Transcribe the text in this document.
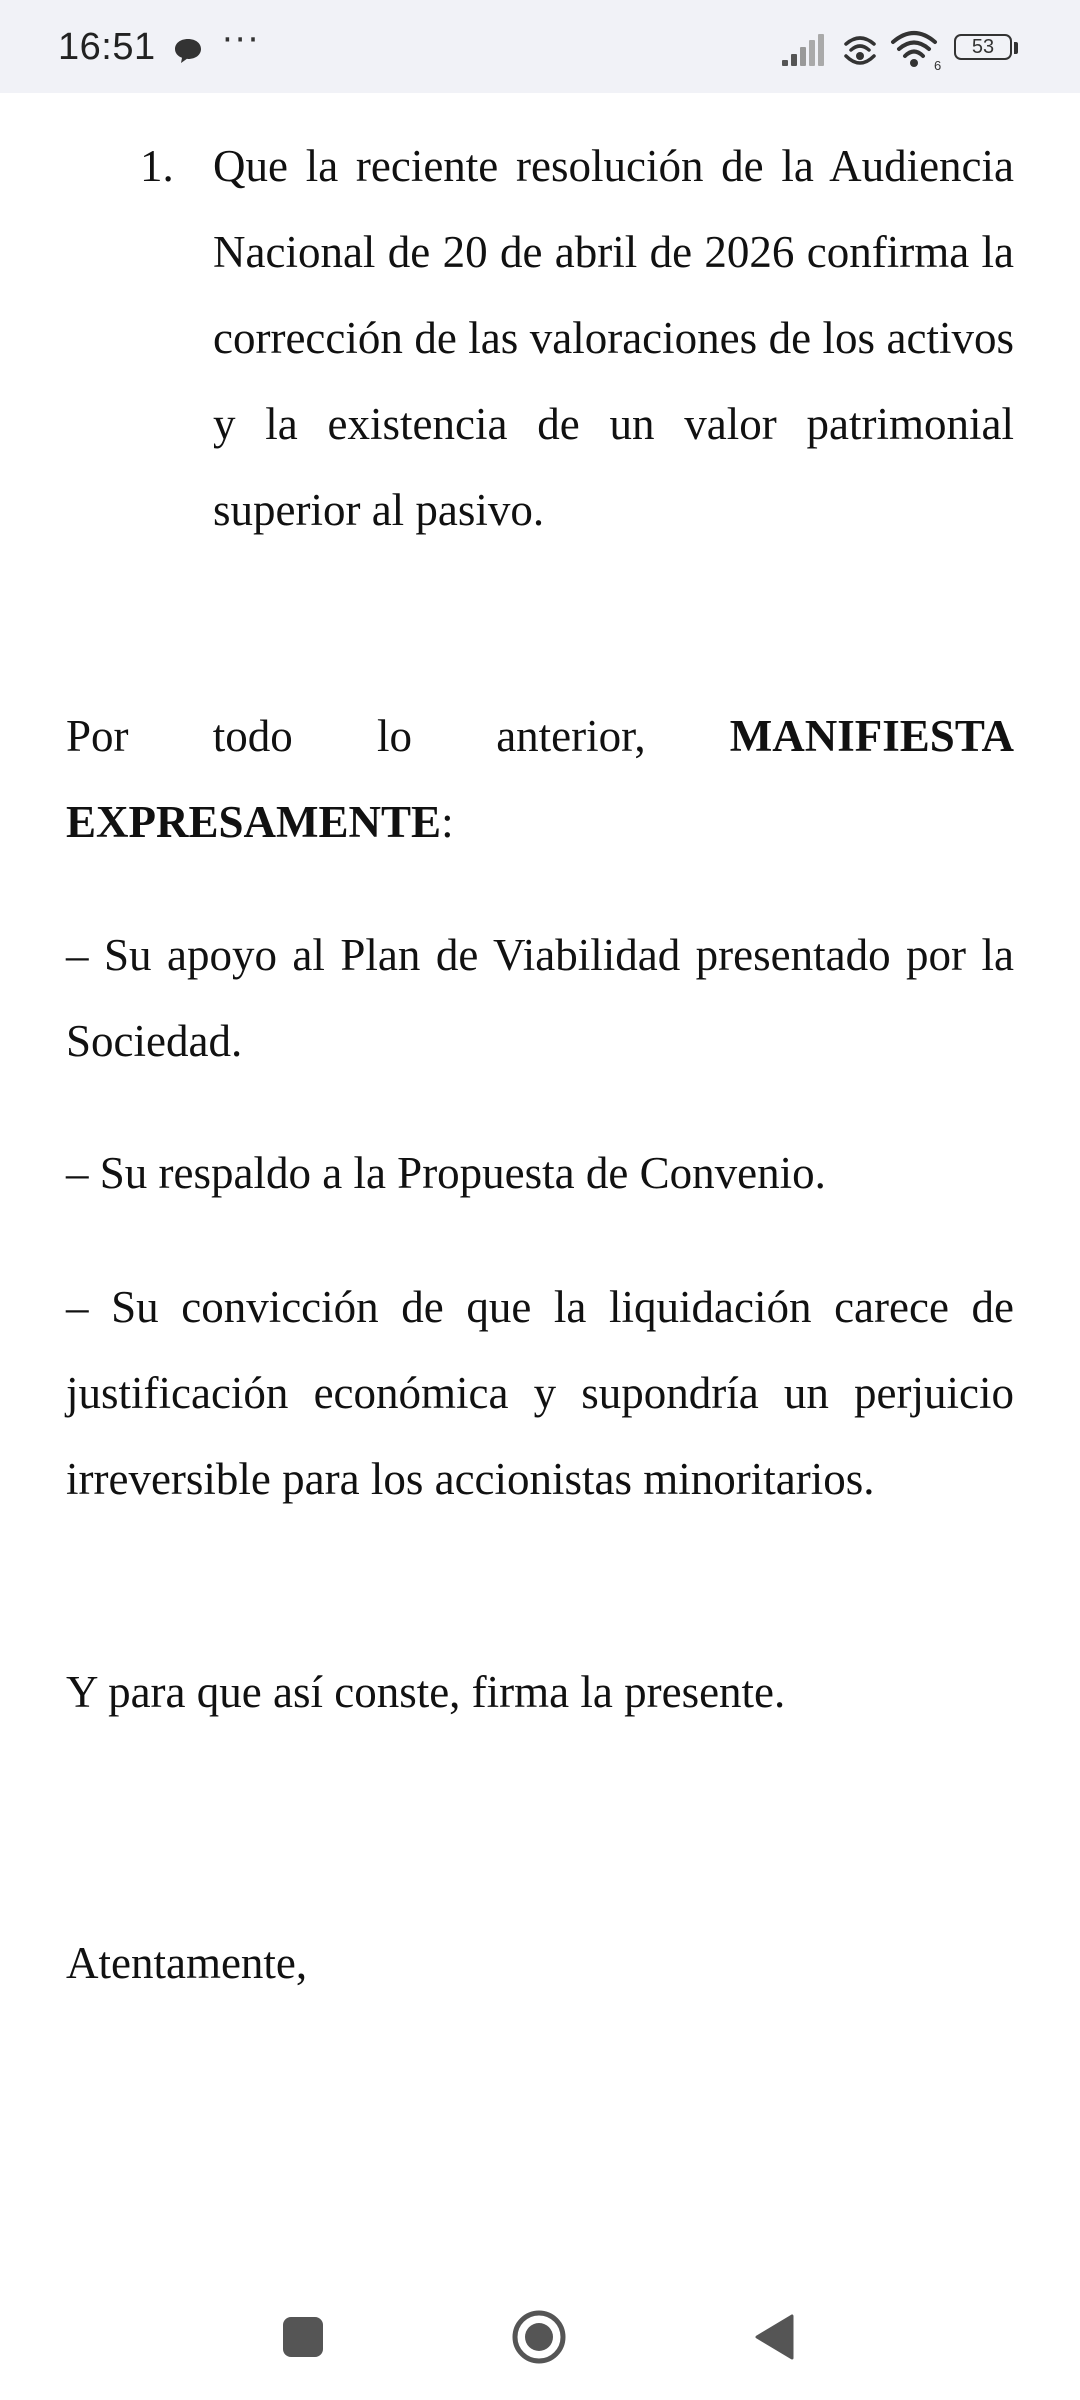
16:51 ···
6
53
1. Que la reciente resolución de la Audiencia Nacional de 20 de abril de 2026 confirma la corrección de las valoraciones de los activos y la existencia de un valor patrimonial superior al pasivo.

Por todo lo anterior, MANIFIESTA EXPRESAMENTE:

– Su apoyo al Plan de Viabilidad presentado por la Sociedad.

– Su respaldo a la Propuesta de Convenio.

– Su convicción de que la liquidación carece de justificación económica y supondría un perjuicio irreversible para los accionistas minoritarios.

Y para que así conste, firma la presente.

Atentamente,
